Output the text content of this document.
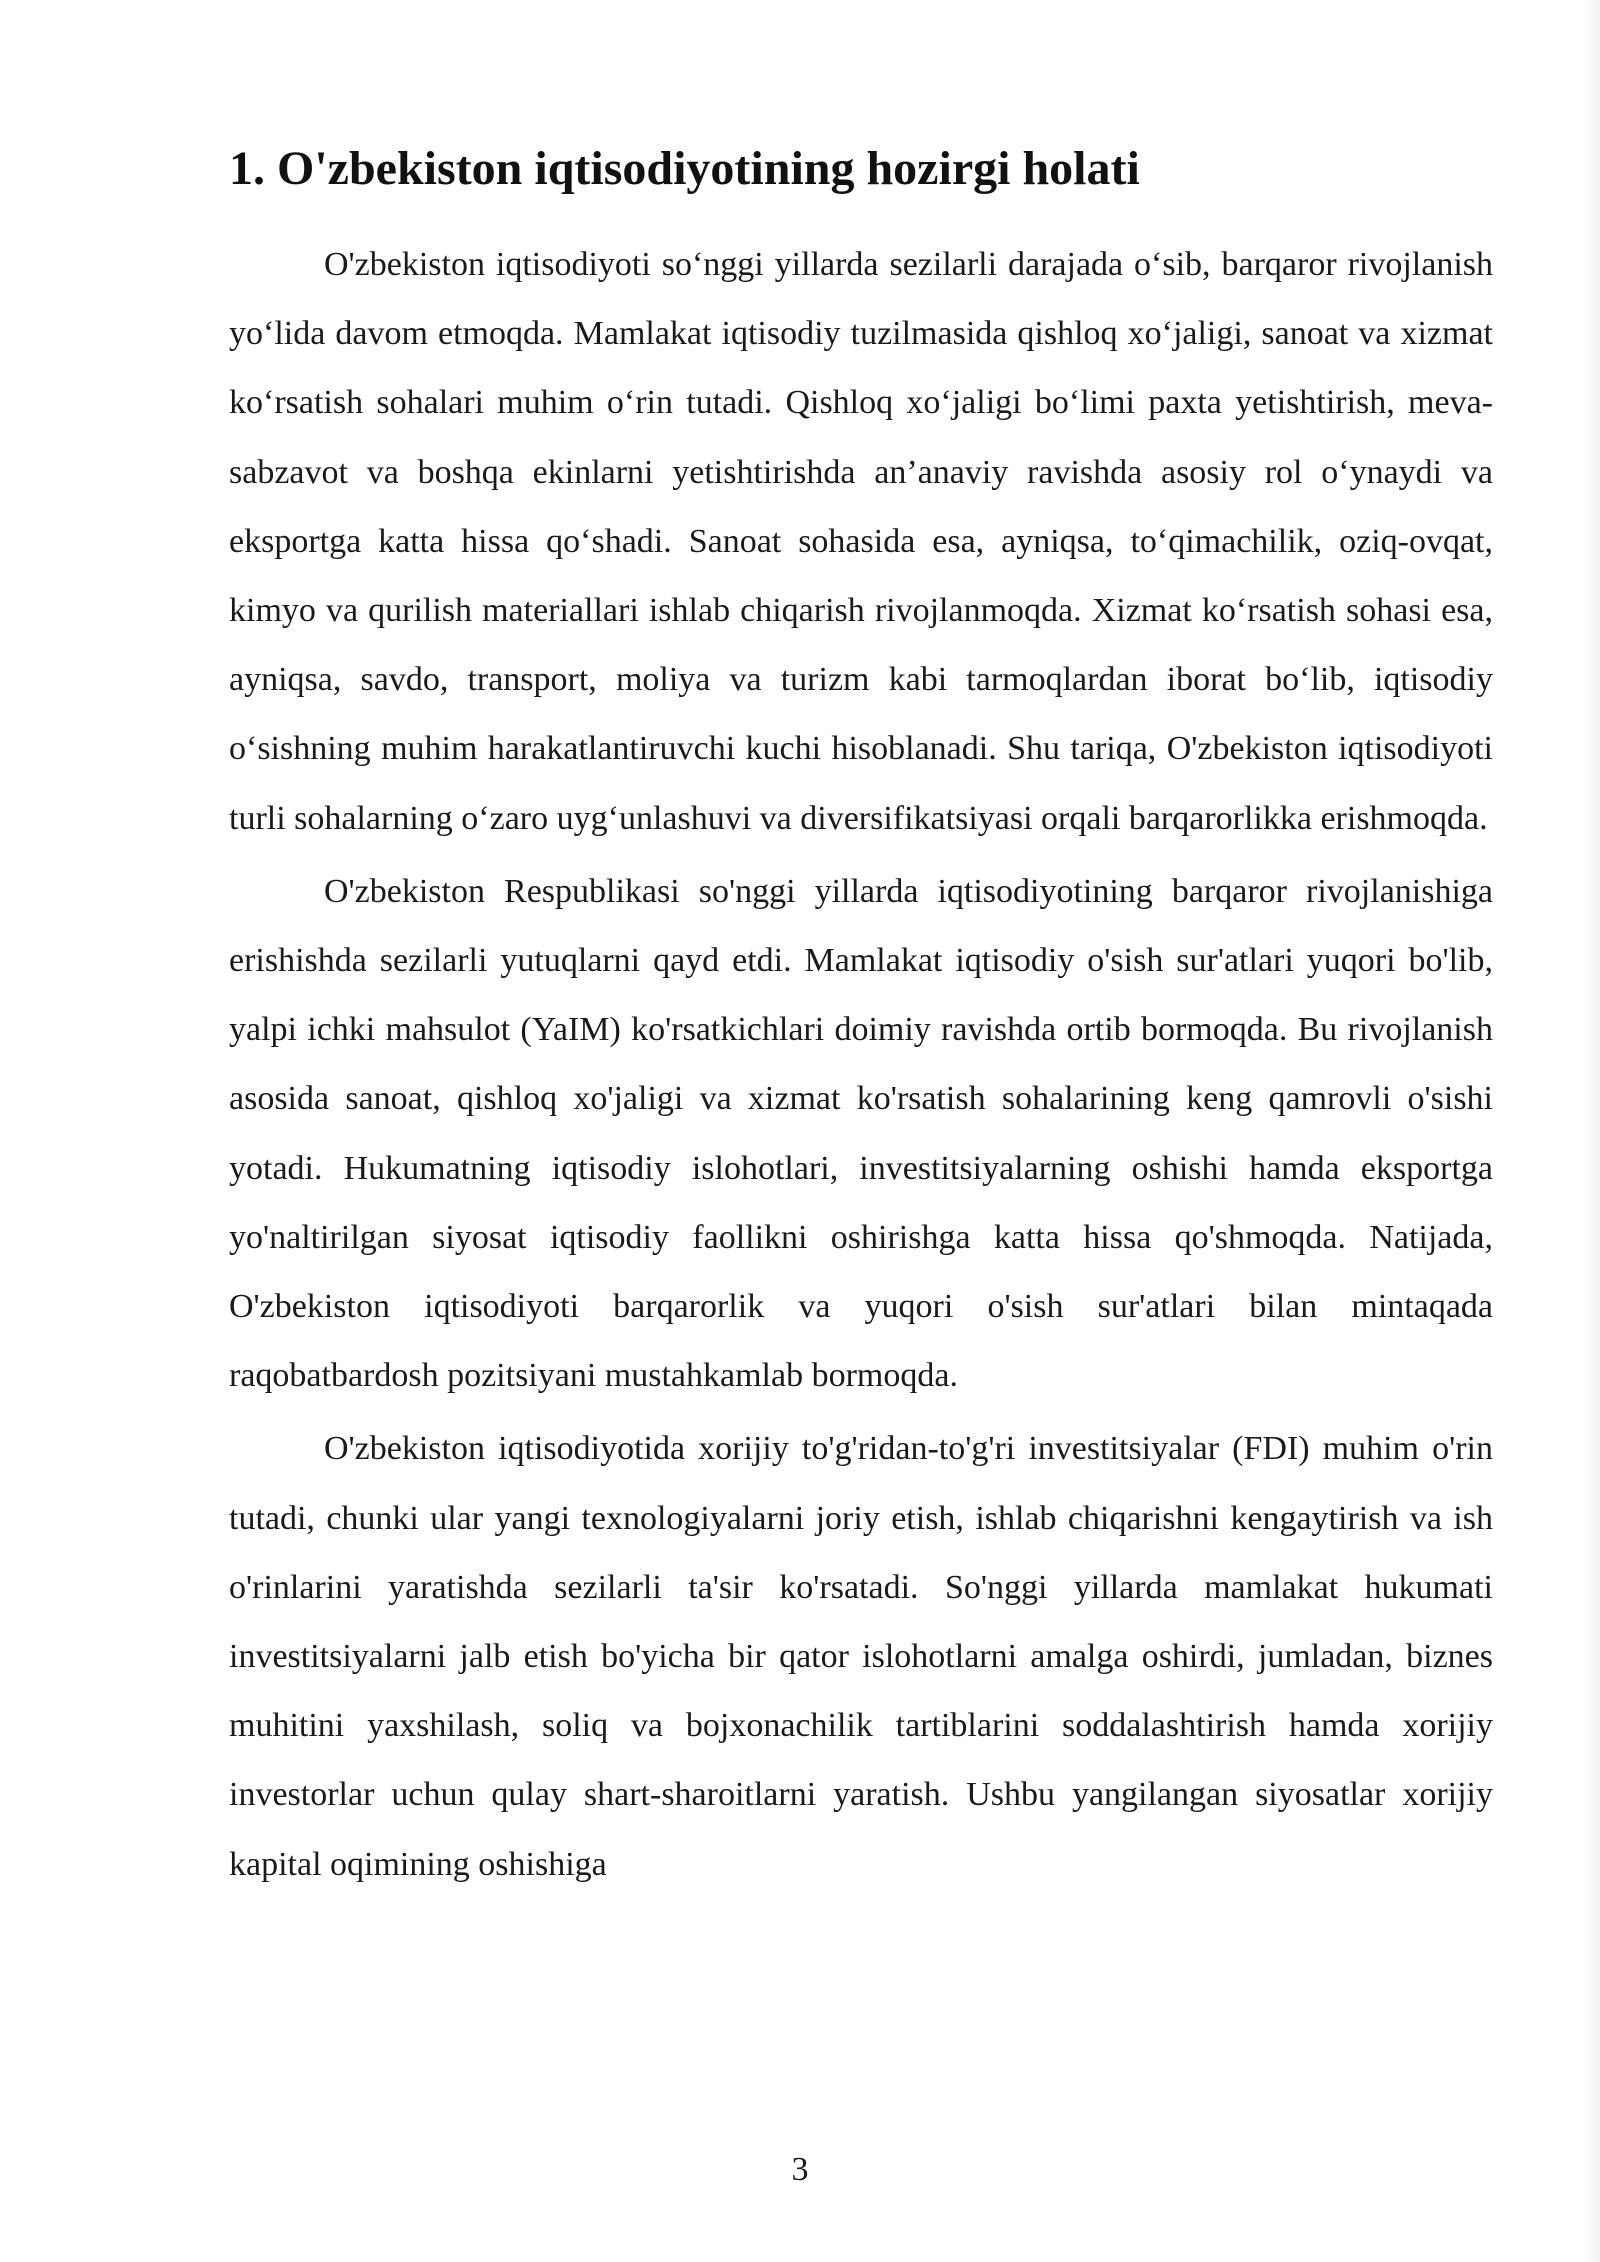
1. O'zbekiston iqtisodiyotining hozirgi holati

O'zbekiston iqtisodiyoti so‘nggi yillarda sezilarli darajada o‘sib, barqaror rivojlanish yo‘lida davom etmoqda. Mamlakat iqtisodiy tuzilmasida qishloq xo‘jaligi, sanoat va xizmat ko‘rsatish sohalari muhim o‘rin tutadi. Qishloq xo‘jaligi bo‘limi paxta yetishtirish, meva-sabzavot va boshqa ekinlarni yetishtirishda an’anaviy ravishda asosiy rol o‘ynaydi va eksportga katta hissa qo‘shadi. Sanoat sohasida esa, ayniqsa, to‘qimachilik, oziq-ovqat, kimyo va qurilish materiallari ishlab chiqarish rivojlanmoqda. Xizmat ko‘rsatish sohasi esa, ayniqsa, savdo, transport, moliya va turizm kabi tarmoqlardan iborat bo‘lib, iqtisodiy o‘sishning muhim harakatlantiruvchi kuchi hisoblanadi. Shu tariqa, O'zbekiston iqtisodiyoti turli sohalarning o‘zaro uyg‘unlashuvi va diversifikatsiyasi orqali barqarorlikka erishmoqda.

O'zbekiston Respublikasi so'nggi yillarda iqtisodiyotining barqaror rivojlanishiga erishishda sezilarli yutuqlarni qayd etdi. Mamlakat iqtisodiy o'sish sur'atlari yuqori bo'lib, yalpi ichki mahsulot (YaIM) ko'rsatkichlari doimiy ravishda ortib bormoqda. Bu rivojlanish asosida sanoat, qishloq xo'jaligi va xizmat ko'rsatish sohalarining keng qamrovli o'sishi yotadi. Hukumatning iqtisodiy islohotlari, investitsiyalarning oshishi hamda eksportga yo'naltirilgan siyosat iqtisodiy faollikni oshirishga katta hissa qo'shmoqda. Natijada, O'zbekiston iqtisodiyoti barqarorlik va yuqori o'sish sur'atlari bilan mintaqada raqobatbardosh pozitsiyani mustahkamlab bormoqda.

O'zbekiston iqtisodiyotida xorijiy to'g'ridan-to'g'ri investitsiyalar (FDI) muhim o'rin tutadi, chunki ular yangi texnologiyalarni joriy etish, ishlab chiqarishni kengaytirish va ish o'rinlarini yaratishda sezilarli ta'sir ko'rsatadi. So'nggi yillarda mamlakat hukumati investitsiyalarni jalb etish bo'yicha bir qator islohotlarni amalga oshirdi, jumladan, biznes muhitini yaxshilash, soliq va bojxonachilik tartiblarini soddalashtirish hamda xorijiy investorlar uchun qulay shart-sharoitlarni yaratish. Ushbu yangilangan siyosatlar xorijiy kapital oqimining oshishiga

3
